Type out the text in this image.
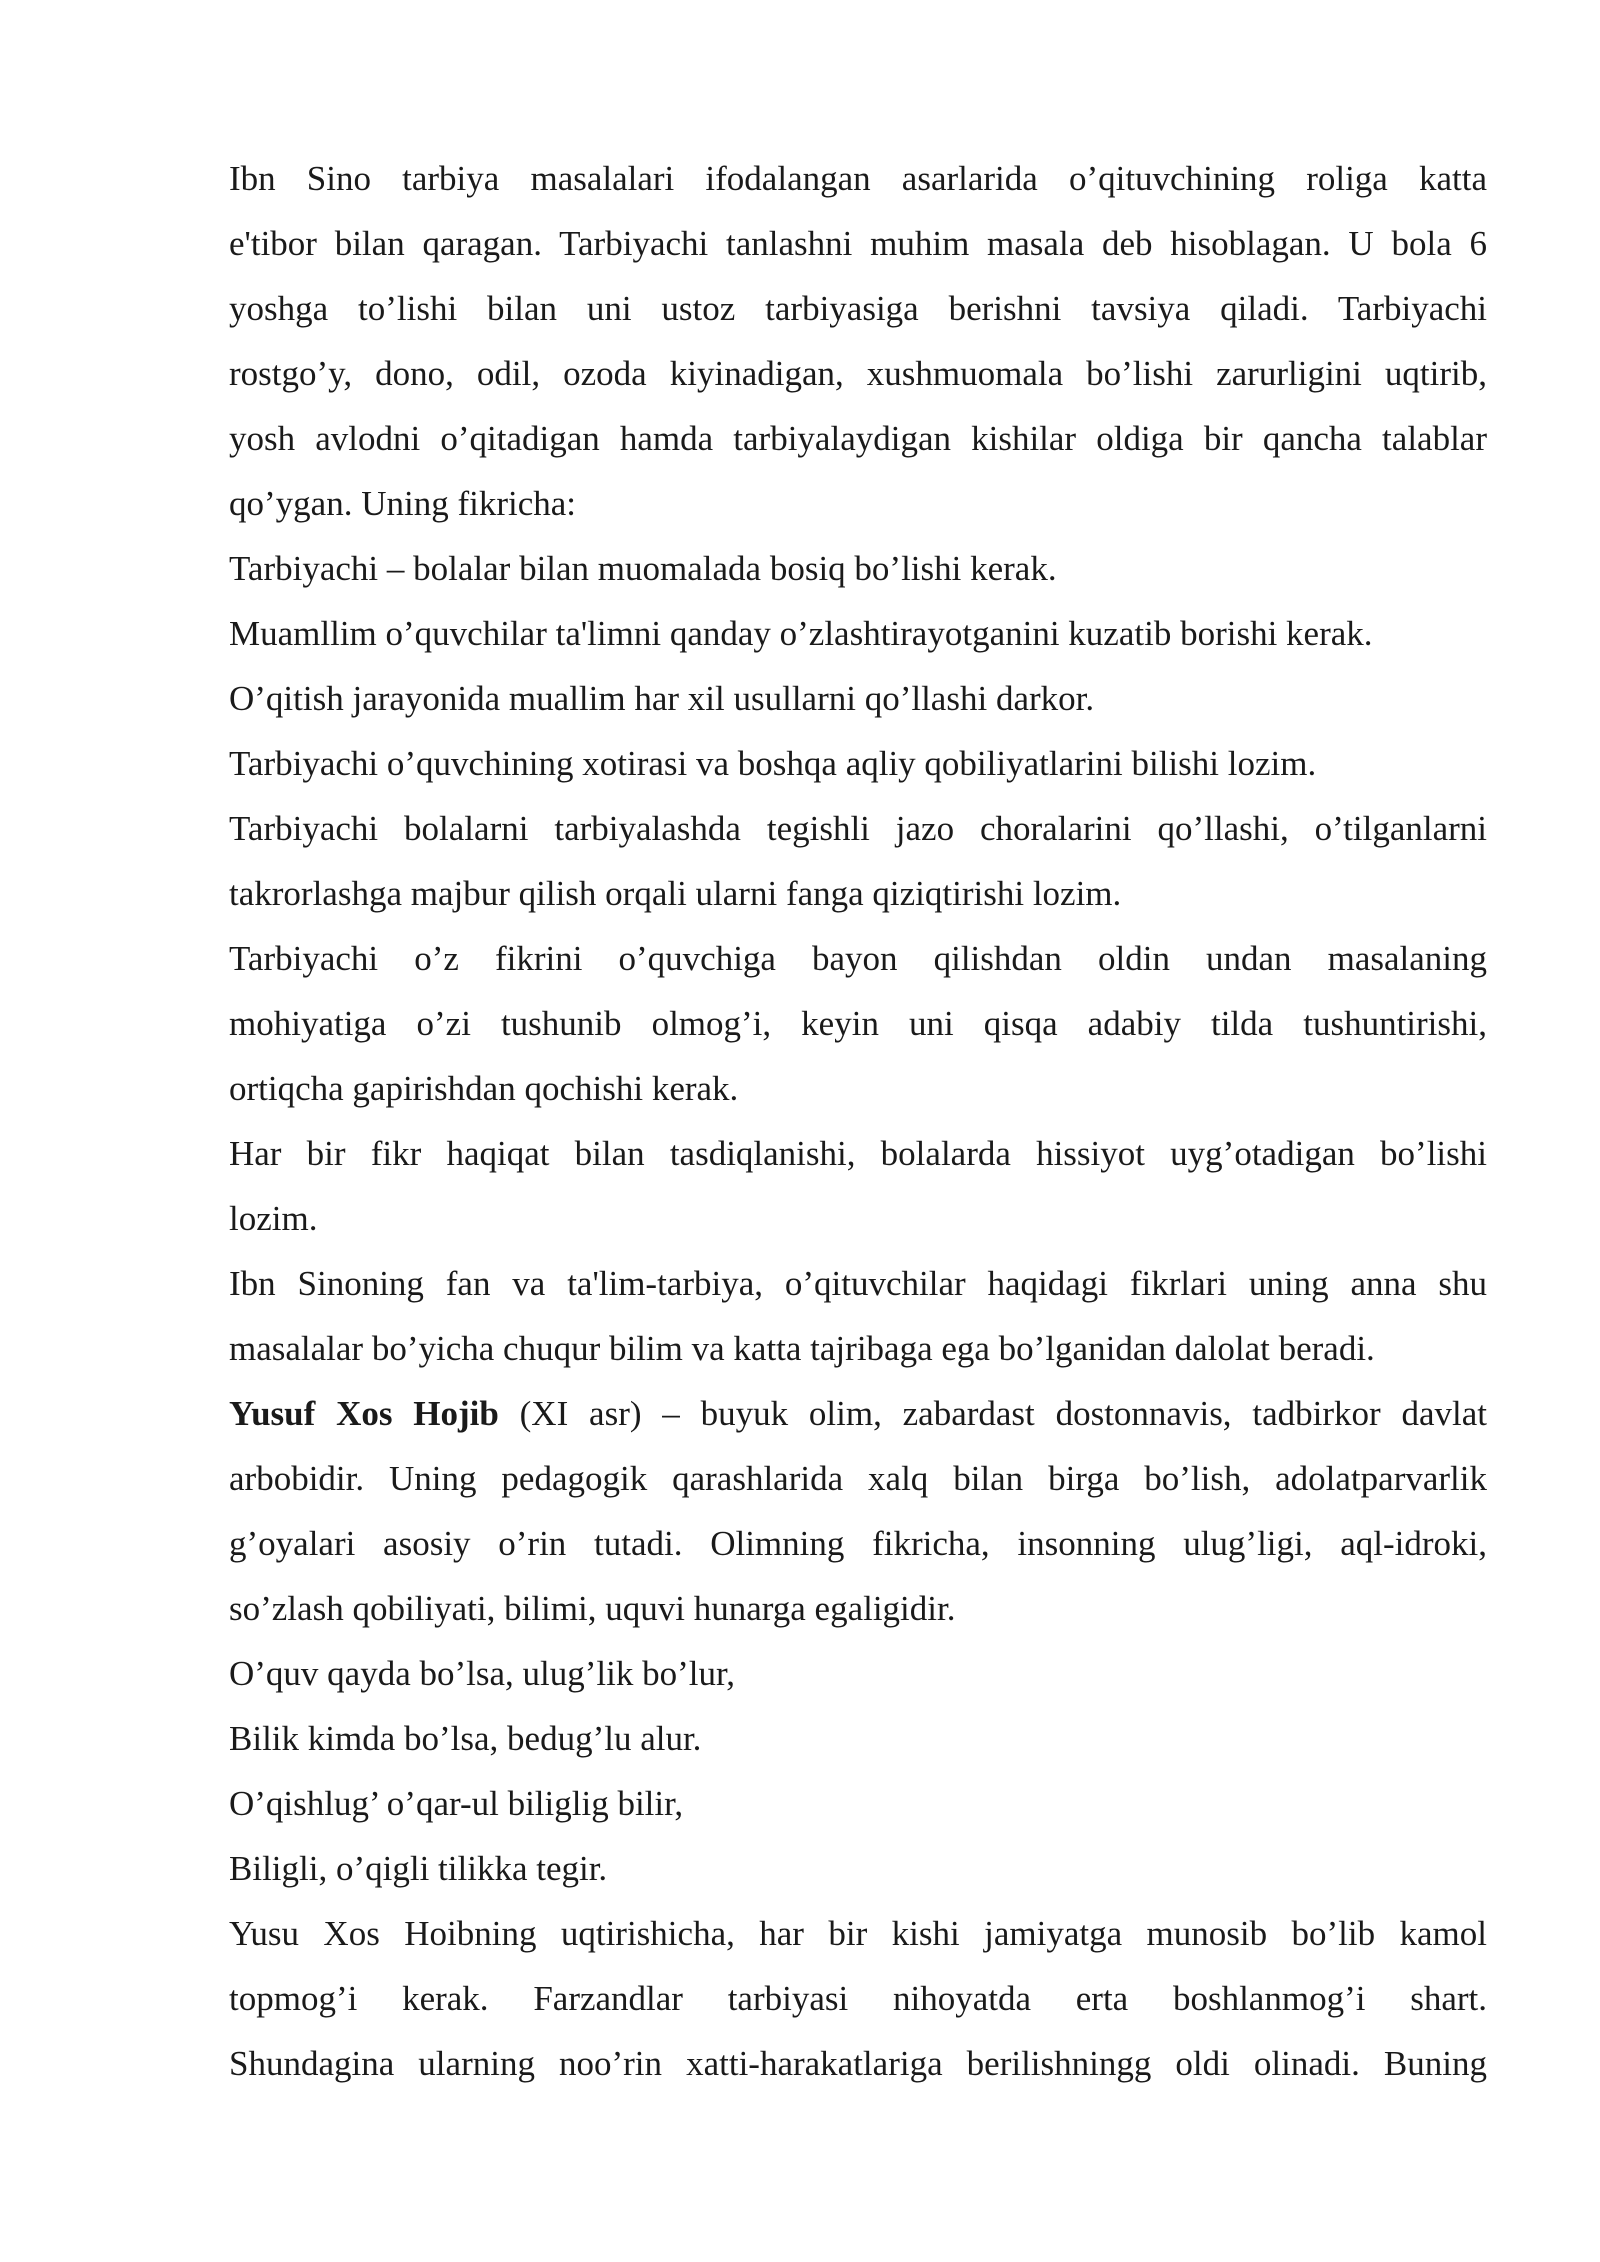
Ibn Sino tarbiya masalalari ifodalangan asarlarida o’qituvchining roliga katta
e'tibor bilan qaragan. Tarbiyachi tanlashni muhim masala deb hisoblagan. U bola 6
yoshga to’lishi bilan uni ustoz tarbiyasiga berishni tavsiya qiladi. Tarbiyachi
rostgo’y, dono, odil, ozoda kiyinadigan, xushmuomala bo’lishi zarurligini uqtirib,
yosh avlodni o’qitadigan hamda tarbiyalaydigan kishilar oldiga bir qancha talablar
qo’ygan. Uning fikricha:
Tarbiyachi – bolalar bilan muomalada bosiq bo’lishi kerak.
Muamllim o’quvchilar ta'limni qanday o’zlashtirayotganini kuzatib borishi kerak.
O’qitish jarayonida muallim har xil usullarni qo’llashi darkor.
Tarbiyachi o’quvchining xotirasi va boshqa aqliy qobiliyatlarini bilishi lozim.
Tarbiyachi bolalarni tarbiyalashda tegishli jazo choralarini qo’llashi, o’tilganlarni
takrorlashga majbur qilish orqali ularni fanga qiziqtirishi lozim.
Tarbiyachi o’z fikrini o’quvchiga bayon qilishdan oldin undan masalaning
mohiyatiga o’zi tushunib olmog’i, keyin uni qisqa adabiy tilda tushuntirishi,
ortiqcha gapirishdan qochishi kerak.
Har bir fikr haqiqat bilan tasdiqlanishi, bolalarda hissiyot uyg’otadigan bo’lishi
lozim.
Ibn Sinoning fan va ta'lim-tarbiya, o’qituvchilar haqidagi fikrlari uning anna shu
masalalar bo’yicha chuqur bilim va katta tajribaga ega bo’lganidan dalolat beradi.
Yusuf Xos Hojib (XI asr) – buyuk olim, zabardast dostonnavis, tadbirkor davlat
arbobidir. Uning pedagogik qarashlarida xalq bilan birga bo’lish, adolatparvarlik
g’oyalari asosiy o’rin tutadi. Olimning fikricha, insonning ulug’ligi, aql-idroki,
so’zlash qobiliyati, bilimi, uquvi hunarga egaligidir.
O’quv qayda bo’lsa, ulug’lik bo’lur,
Bilik kimda bo’lsa, bedug’lu alur.
O’qishlug’ o’qar-ul biliglig bilir,
Biligli, o’qigli tilikka tegir.
Yusu Xos Hoibning uqtirishicha, har bir kishi jamiyatga munosib bo’lib kamol
topmog’i kerak. Farzandlar tarbiyasi nihoyatda erta boshlanmog’i shart.
Shundagina ularning noo’rin xatti-harakatlariga berilishningg oldi olinadi. Buning
